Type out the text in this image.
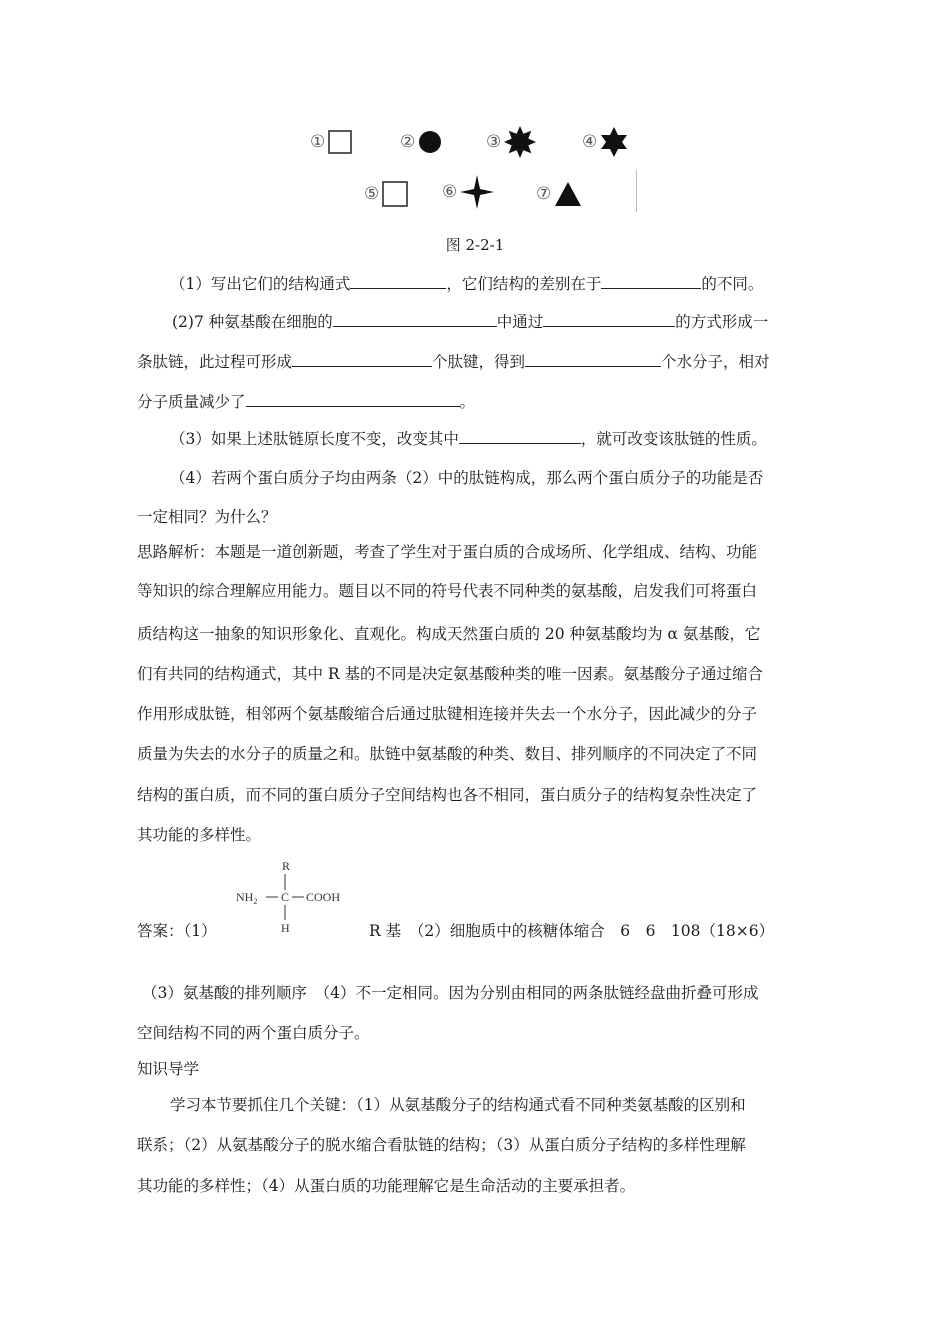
①	②	③	④
⑤	⑥	⑦
图 2-2-1
（1）写出它们的结构通式	，它们结构的差别在于	的不同。
(2)7 种氨基酸在细胞的	中通过	的方式形成一
条肽链，此过程可形成	个肽键，得到	个水分子，相对
分子质量减少了	。
（3）如果上述肽链原长度不变，改变其中	，就可改变该肽链的性质。
（4）若两个蛋白质分子均由两条（2）中的肽链构成，那么两个蛋白质分子的功能是否
一定相同？为什么？
思路解析：本题是一道创新题，考查了学生对于蛋白质的合成场所、化学组成、结构、功能
等知识的综合理解应用能力。题目以不同的符号代表不同种类的氨基酸，启发我们可将蛋白
质结构这一抽象的知识形象化、直观化。构成天然蛋白质的 20 种氨基酸均为 α 氨基酸，它
们有共同的结构通式，其中 R 基的不同是决定氨基酸种类的唯一因素。氨基酸分子通过缩合
作用形成肽链，相邻两个氨基酸缩合后通过肽键相连接并失去一个水分子，因此减少的分子
质量为失去的水分子的质量之和。肽链中氨基酸的种类、数目、排列顺序的不同决定了不同
结构的蛋白质，而不同的蛋白质分子空间结构也各不相同，蛋白质分子的结构复杂性决定了
其功能的多样性。
R
$NH_2$ C COOH
H
答案：（1）	R 基　（2）细胞质中的核糖体缩合　6　6　108（18×6）
（3）氨基酸的排列顺序　（4）不一定相同。因为分别由相同的两条肽链经盘曲折叠可形成
空间结构不同的两个蛋白质分子。
知识导学
学习本节要抓住几个关键：（1）从氨基酸分子的结构通式看不同种类氨基酸的区别和
联系；（2）从氨基酸分子的脱水缩合看肽链的结构；（3）从蛋白质分子结构的多样性理解
其功能的多样性；（4）从蛋白质的功能理解它是生命活动的主要承担者。
